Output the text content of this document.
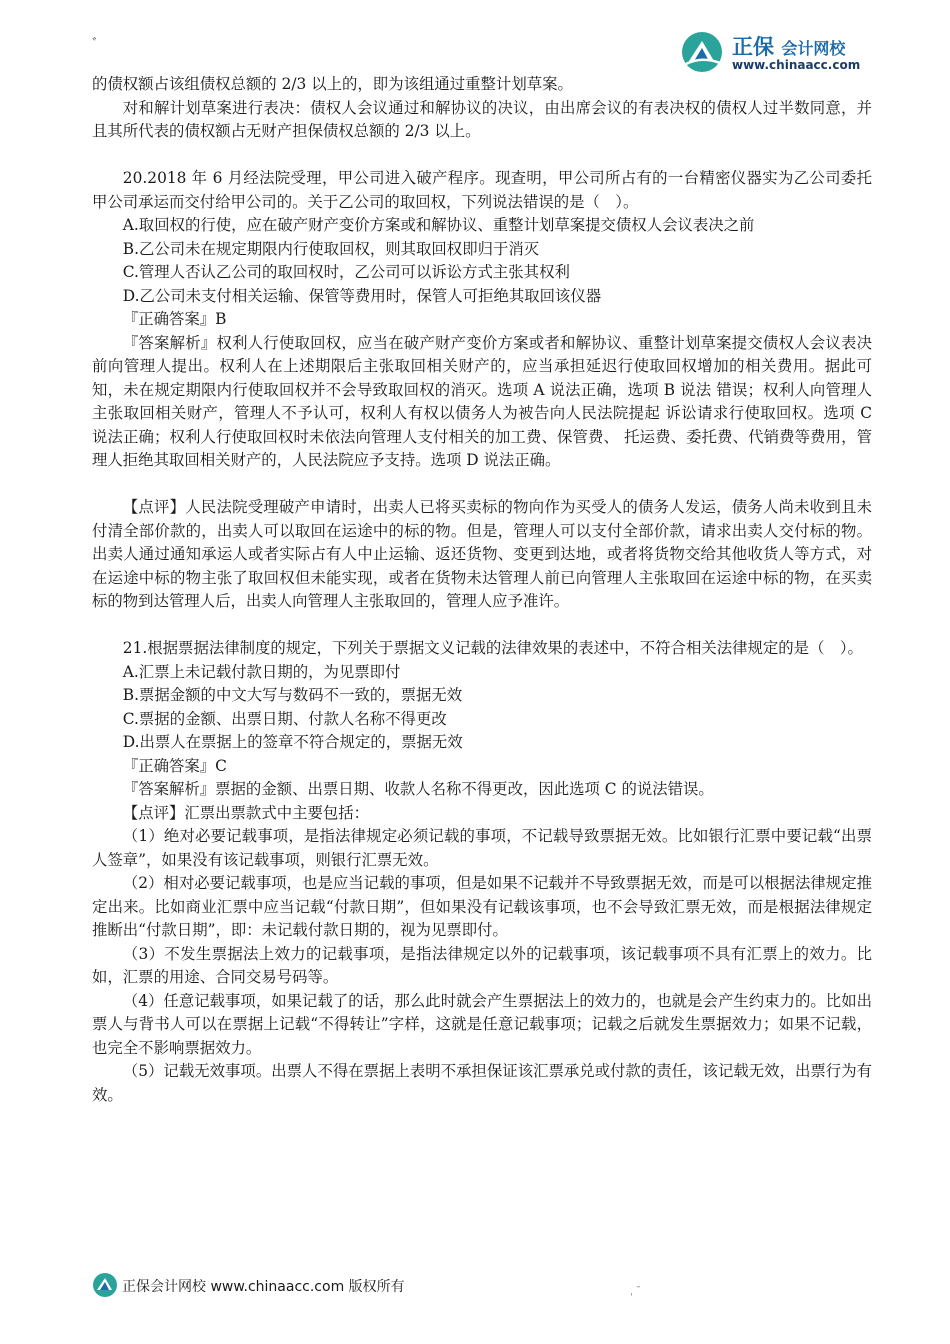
正保 会计网校
www.chinaacc.com
ﾞ

的债权额占该组债权总额的 2/3 以上的，即为该组通过重整计划草案。

对和解计划草案进行表决：债权人会议通过和解协议的决议，由出席会议的有表决权的债权人过半数同意，并且其所代表的债权额占无财产担保债权总额的 2/3 以上。

20.2018 年 6 月经法院受理，甲公司进入破产程序。现查明，甲公司所占有的一台精密仪器实为乙公司委托甲公司承运而交付给甲公司的。关于乙公司的取回权，下列说法错误的是（　）。

A.取回权的行使，应在破产财产变价方案或和解协议、重整计划草案提交债权人会议表决之前

B.乙公司未在规定期限内行使取回权，则其取回权即归于消灭

C.管理人否认乙公司的取回权时，乙公司可以诉讼方式主张其权利

D.乙公司未支付相关运输、保管等费用时，保管人可拒绝其取回该仪器

『正确答案』B

『答案解析』权利人行使取回权，应当在破产财产变价方案或者和解协议、重整计划草案提交债权人会议表决前向管理人提出。权利人在上述期限后主张取回相关财产的，应当承担延迟行使取回权增加的相关费用。据此可知，未在规定期限内行使取回权并不会导致取回权的消灭。选项 A 说法正确，选项 B 说法 错误；权利人向管理人主张取回相关财产，管理人不予认可，权利人有权以债务人为被告向人民法院提起 诉讼请求行使取回权。选项 C 说法正确；权利人行使取回权时未依法向管理人支付相关的加工费、保管费、 托运费、委托费、代销费等费用，管理人拒绝其取回相关财产的，人民法院应予支持。选项 D 说法正确。

【点评】人民法院受理破产申请时，出卖人已将买卖标的物向作为买受人的债务人发运，债务人尚未收到且未付清全部价款的，出卖人可以取回在运途中的标的物。但是，管理人可以支付全部价款，请求出卖人交付标的物。出卖人通过通知承运人或者实际占有人中止运输、返还货物、变更到达地，或者将货物交给其他收货人等方式，对在运途中标的物主张了取回权但未能实现，或者在货物未达管理人前已向管理人主张取回在运途中标的物，在买卖标的物到达管理人后，出卖人向管理人主张取回的，管理人应予准许。

21.根据票据法律制度的规定，下列关于票据文义记载的法律效果的表述中，不符合相关法律规定的是（　）。

A.汇票上未记载付款日期的，为见票即付

B.票据金额的中文大写与数码不一致的，票据无效

C.票据的金额、出票日期、付款人名称不得更改

D.出票人在票据上的签章不符合规定的，票据无效

『正确答案』C

『答案解析』票据的金额、出票日期、收款人名称不得更改，因此选项 C 的说法错误。

【点评】汇票出票款式中主要包括：

（1）绝对必要记载事项，是指法律规定必须记载的事项，不记载导致票据无效。比如银行汇票中要记载“出票人签章”，如果没有该记载事项，则银行汇票无效。

（2）相对必要记载事项，也是应当记载的事项，但是如果不记载并不导致票据无效，而是可以根据法律规定推定出来。比如商业汇票中应当记载“付款日期”，但如果没有记载该事项，也不会导致汇票无效，而是根据法律规定推断出“付款日期”，即：未记载付款日期的，视为见票即付。

（3）不发生票据法上效力的记载事项，是指法律规定以外的记载事项，该记载事项不具有汇票上的效力。比如，汇票的用途、合同交易号码等。

（4）任意记载事项，如果记载了的话，那么此时就会产生票据法上的效力的，也就是会产生约束力的。比如出票人与背书人可以在票据上记载“不得转让”字样，这就是任意记载事项；记载之后就发生票据效力；如果不记载，也完全不影响票据效力。

（5）记载无效事项。出票人不得在票据上表明不承担保证该汇票承兑或付款的责任，该记载无效，出票行为有效。

正保会计网校 www.chinaacc.com 版权所有	ˌ ˉ
